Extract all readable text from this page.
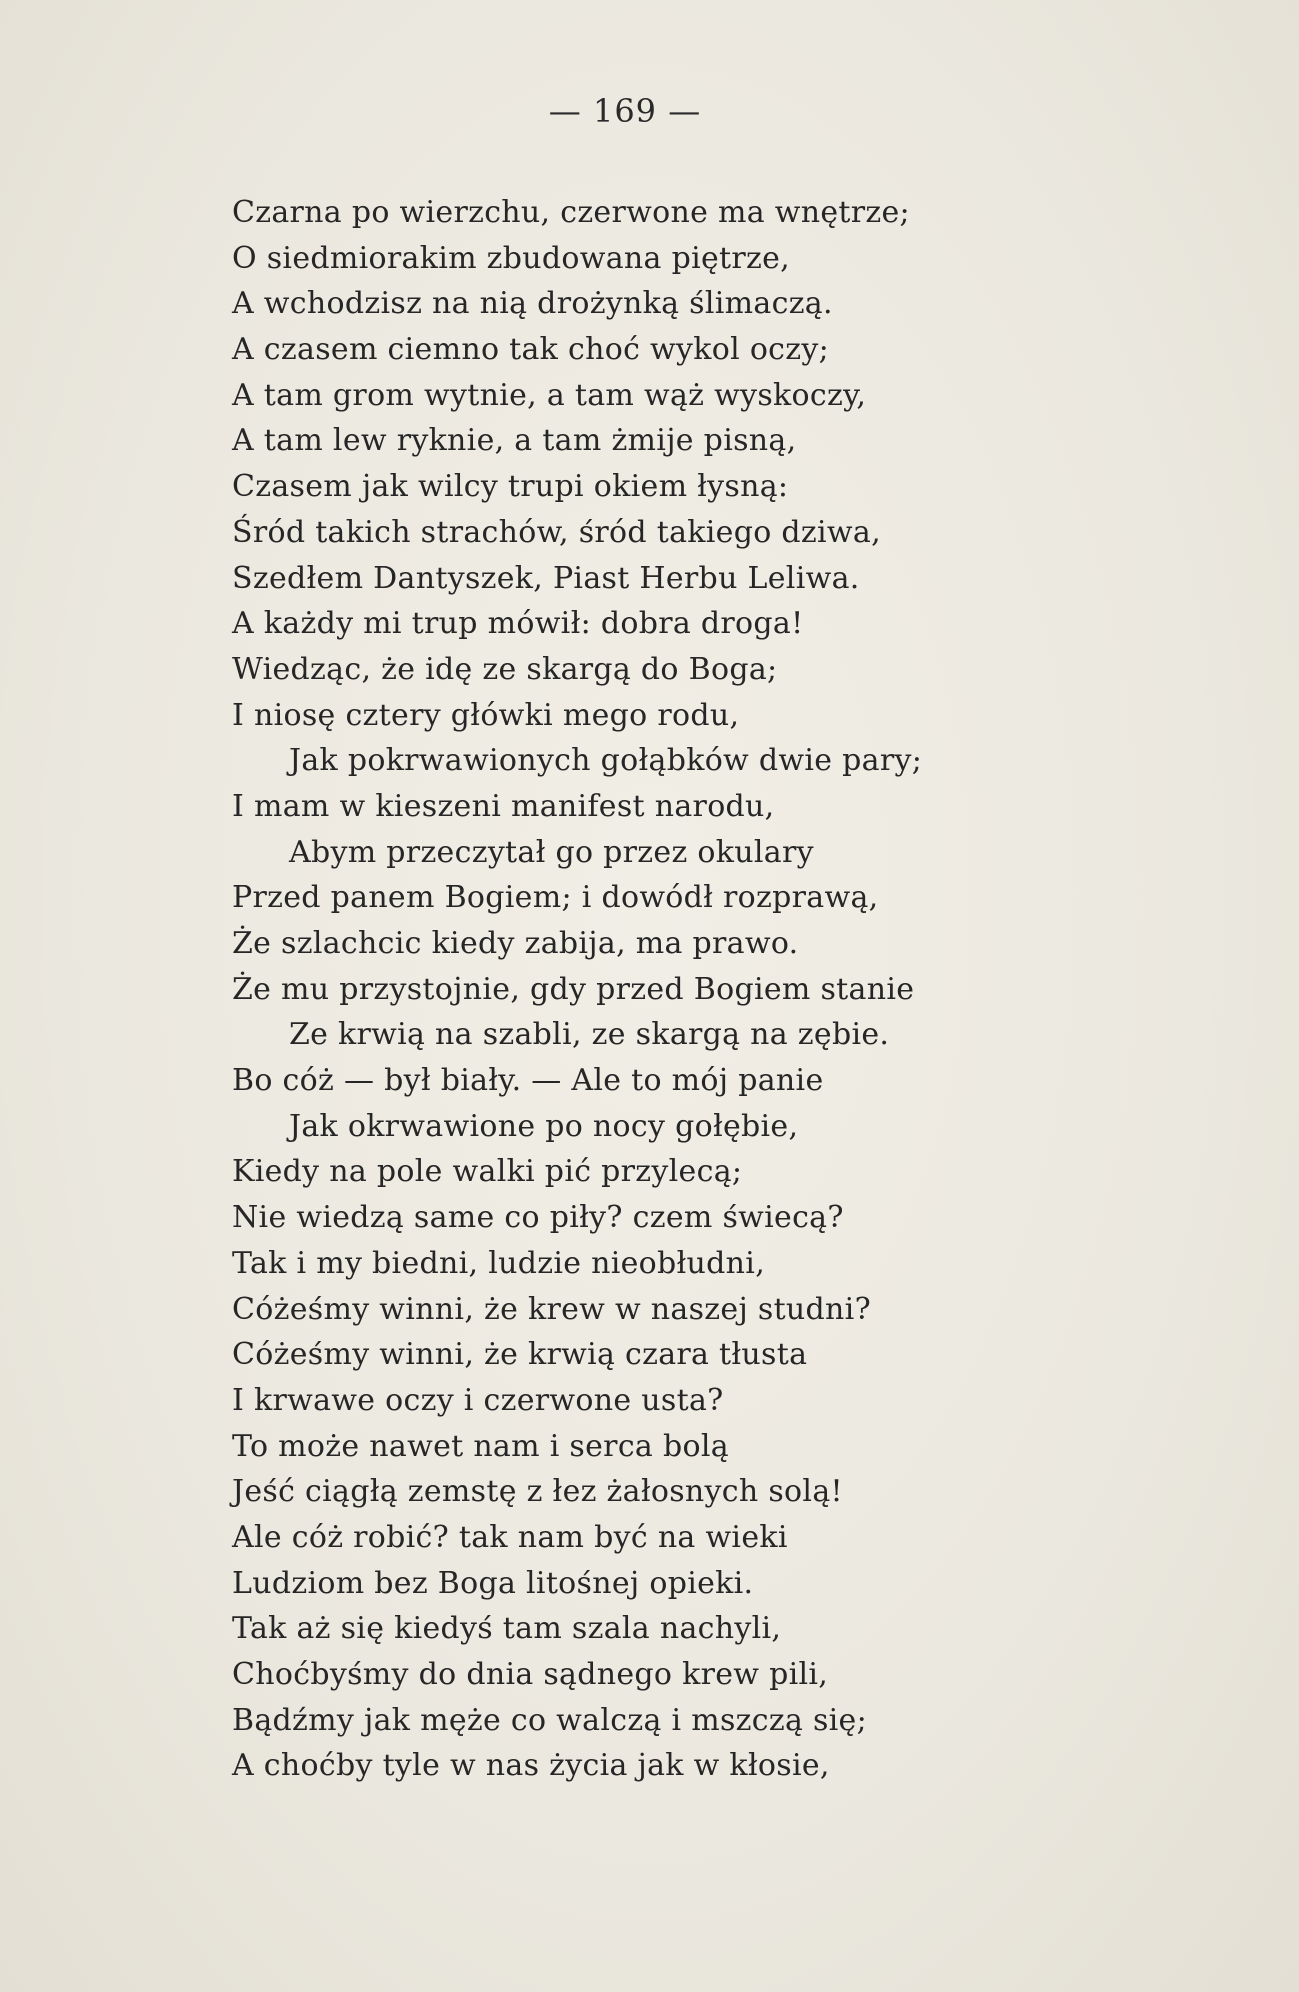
— 169 —
Czarna po wierzchu, czerwone ma wnętrze;
O siedmiorakim zbudowana piętrze,
A wchodzisz na nią drożynką ślimaczą.
A czasem ciemno tak choć wykol oczy;
A tam grom wytnie, a tam wąż wyskoczy,
A tam lew ryknie, a tam żmije pisną,
Czasem jak wilcy trupi okiem łysną:
Śród takich strachów, śród takiego dziwa,
Szedłem Dantyszek, Piast Herbu Leliwa.
A każdy mi trup mówił: dobra droga!
Wiedząc, że idę ze skargą do Boga;
I niosę cztery główki mego rodu,
Jak pokrwawionych gołąbków dwie pary;
I mam w kieszeni manifest narodu,
Abym przeczytał go przez okulary
Przed panem Bogiem; i dowódł rozprawą,
Że szlachcic kiedy zabija, ma prawo.
Że mu przystojnie, gdy przed Bogiem stanie
Ze krwią na szabli, ze skargą na zębie.
Bo cóż — był biały. — Ale to mój panie
Jak okrwawione po nocy gołębie,
Kiedy na pole walki pić przylecą;
Nie wiedzą same co piły? czem świecą?
Tak i my biedni, ludzie nieobłudni,
Cóżeśmy winni, że krew w naszej studni?
Cóżeśmy winni, że krwią czara tłusta
I krwawe oczy i czerwone usta?
To może nawet nam i serca bolą
Jeść ciągłą zemstę z łez żałosnych solą!
Ale cóż robić? tak nam być na wieki
Ludziom bez Boga litośnej opieki.
Tak aż się kiedyś tam szala nachyli,
Choćbyśmy do dnia sądnego krew pili,
Bądźmy jak męże co walczą i mszczą się;
A choćby tyle w nas życia jak w kłosie,
